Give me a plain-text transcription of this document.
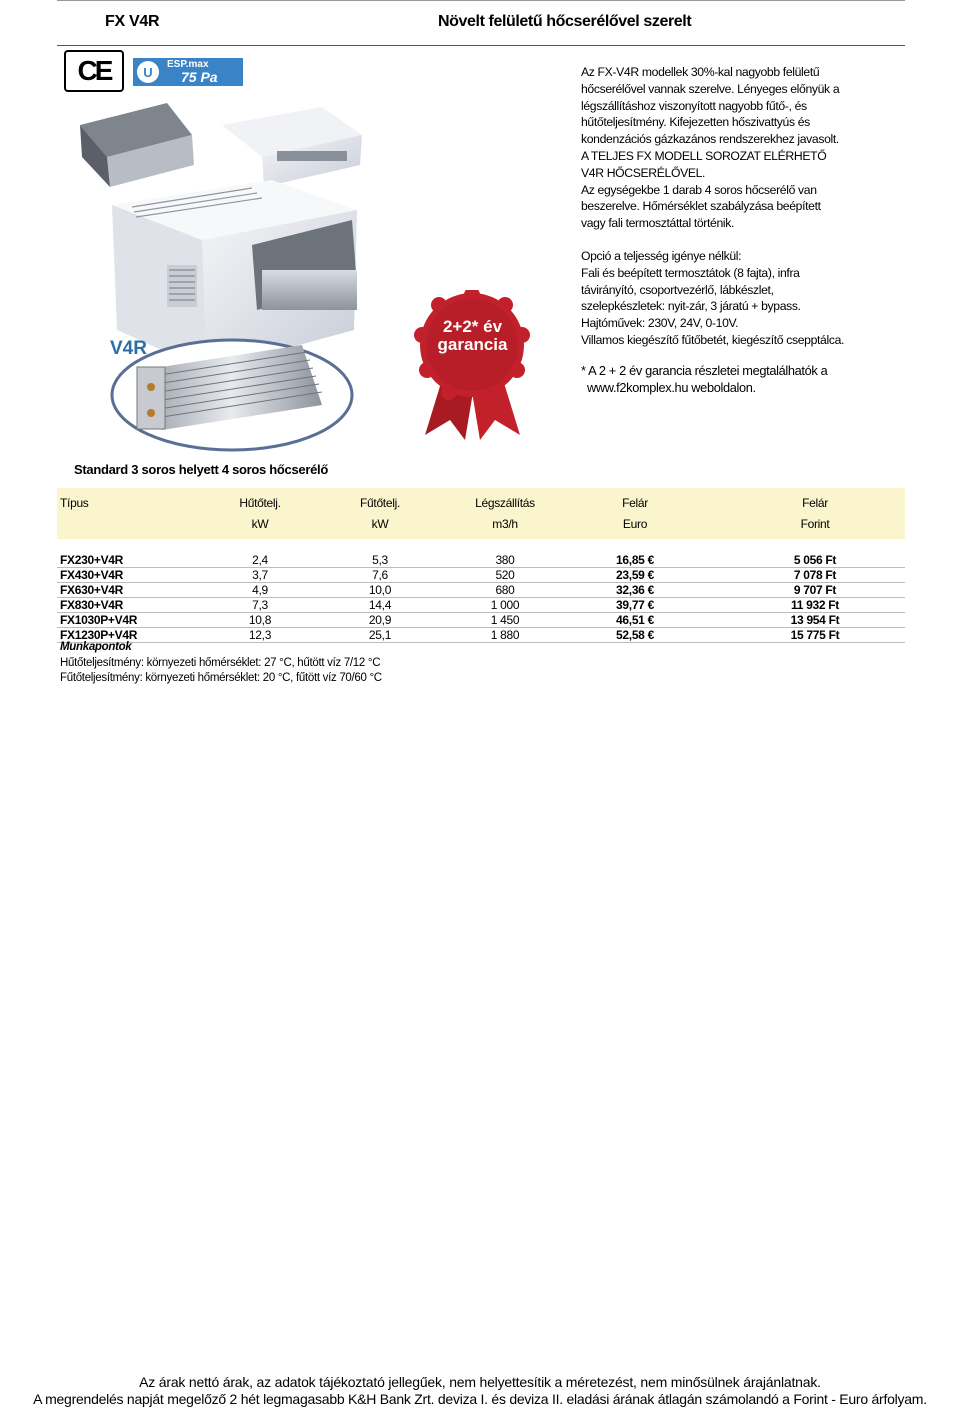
FX V4R	Növelt felületű hőcserélővel szerelt
CE	U	ESP.max
75 Pa
V4R
2+2* év
garancia

Az FX-V4R modellek 30%-kal nagyobb felületű

hőcserélővel vannak szerelve. Lényeges előnyük a

légszállításhoz viszonyított nagyobb fűtő-, és

hűtőteljesítmény. Kifejezetten hőszivattyús és

kondenzációs gázkazános rendszerekhez javasolt.

A TELJES FX MODELL SOROZAT ELÉRHETŐ

V4R HŐCSERÉLŐVEL.

Az egységekbe 1 darab 4 soros hőcserélő van

beszerelve. Hőmérséklet szabályzása beépített

vagy fali termosztáttal történik.

Opció a teljesség igénye nélkül:

Fali és beépített termosztátok (8 fajta), infra

távirányító, csoportvezérlő, lábkészlet,

szelepkészletek: nyit-zár, 3 járatú + bypass.

Hajtóművek: 230V, 24V, 0-10V.

Villamos kiegészítő fűtőbetét, kiegészítő csepptálca.

* A 2 + 2 év garancia részletei megtalálhatók a

www.f2komplex.hu weboldalon.

Standard 3 soros helyett 4 soros hőcserélő
Típus	Hűtőtelj.	Fűtőtelj.	Légszállítás	Felár	Felár
	kW	kW	m3/h	Euro	Forint

FX230+V4R	2,4	5,3	380	16,85 €	5 056 Ft
FX430+V4R	3,7	7,6	520	23,59 €	7 078 Ft
FX630+V4R	4,9	10,0	680	32,36 €	9 707 Ft
FX830+V4R	7,3	14,4	1 000	39,77 €	11 932 Ft
FX1030P+V4R	10,8	20,9	1 450	46,51 €	13 954 Ft
FX1230P+V4R	12,3	25,1	1 880	52,58 €	15 775 Ft
Munkapontok
Hűtőteljesítmény: környezeti hőmérséklet: 27 °C, hűtött víz 7/12 °C
Fűtőteljesítmény: környezeti hőmérséklet: 20 °C, fűtött víz 70/60 °C
Az árak nettó árak, az adatok tájékoztató jellegűek, nem helyettesítik a méretezést, nem minősülnek árajánlatnak.
A megrendelés napját megelőző 2 hét legmagasabb K&H Bank Zrt. deviza I. és deviza II. eladási árának átlagán számolandó a Forint - Euro árfolyam.
